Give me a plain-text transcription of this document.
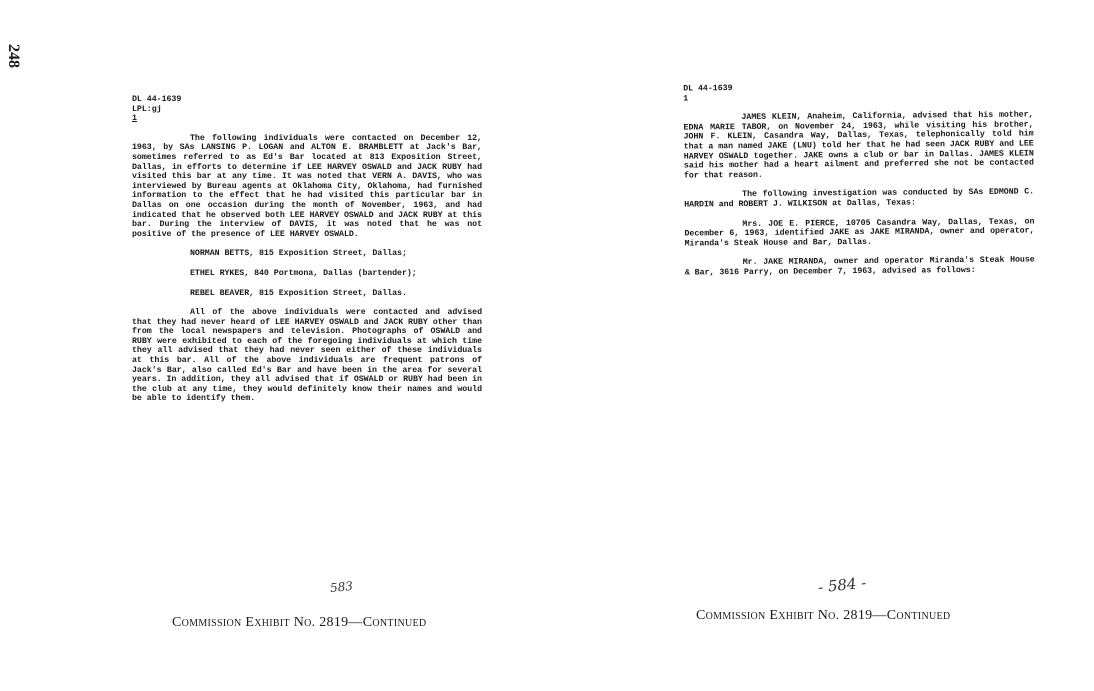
248
DL 44-1639
LPL:gj
1

The following individuals were contacted on December 12, 1963, by SAs LANSING P. LOGAN and ALTON E. BRAMBLETT at Jack's Bar, sometimes referred to as Ed's Bar located at 813 Exposition Street, Dallas, in efforts to determine if LEE HARVEY OSWALD and JACK RUBY had visited this bar at any time. It was noted that VERN A. DAVIS, who was interviewed by Bureau agents at Oklahoma City, Oklahoma, had furnished information to the effect that he had visited this particular bar in Dallas on one occasion during the month of November, 1963, and had indicated that he observed both LEE HARVEY OSWALD and JACK RUBY at this bar. During the interview of DAVIS, it was noted that he was not positive of the presence of LEE HARVEY OSWALD.

NORMAN BETTS, 815 Exposition Street, Dallas;

ETHEL RYKES, 840 Portmona, Dallas (bartender);

REBEL BEAVER, 815 Exposition Street, Dallas.

All of the above individuals were contacted and advised that they had never heard of LEE HARVEY OSWALD and JACK RUBY other than from the local newspapers and television. Photographs of OSWALD and RUBY were exhibited to each of the foregoing individuals at which time they all advised that they had never seen either of these individuals at this bar. All of the above individuals are frequent patrons of Jack's Bar, also called Ed's Bar and have been in the area for several years. In addition, they all advised that if OSWALD or RUBY had been in the club at any time, they would definitely know their names and would be able to identify them.

DL 44-1639
1

JAMES KLEIN, Anaheim, California, advised that his mother, EDNA MARIE TABOR, on November 24, 1963, while visiting his brother, JOHN F. KLEIN, Casandra Way, Dallas, Texas, telephonically told him that a man named JAKE (LNU) told her that he had seen JACK RUBY and LEE HARVEY OSWALD together. JAKE owns a club or bar in Dallas. JAMES KLEIN said his mother had a heart ailment and preferred she not be contacted for that reason.

The following investigation was conducted by SAs EDMOND C. HARDIN and ROBERT J. WILKISON at Dallas, Texas:

Mrs. JOE E. PIERCE, 10705 Casandra Way, Dallas, Texas, on December 6, 1963, identified JAKE as JAKE MIRANDA, owner and operator, Miranda's Steak House and Bar, Dallas.

Mr. JAKE MIRANDA, owner and operator Miranda's Steak House & Bar, 3616 Parry, on December 7, 1963, advised as follows:

583	- 584 -
Commission Exhibit No. 2819—Continued	Commission Exhibit No. 2819—Continued
